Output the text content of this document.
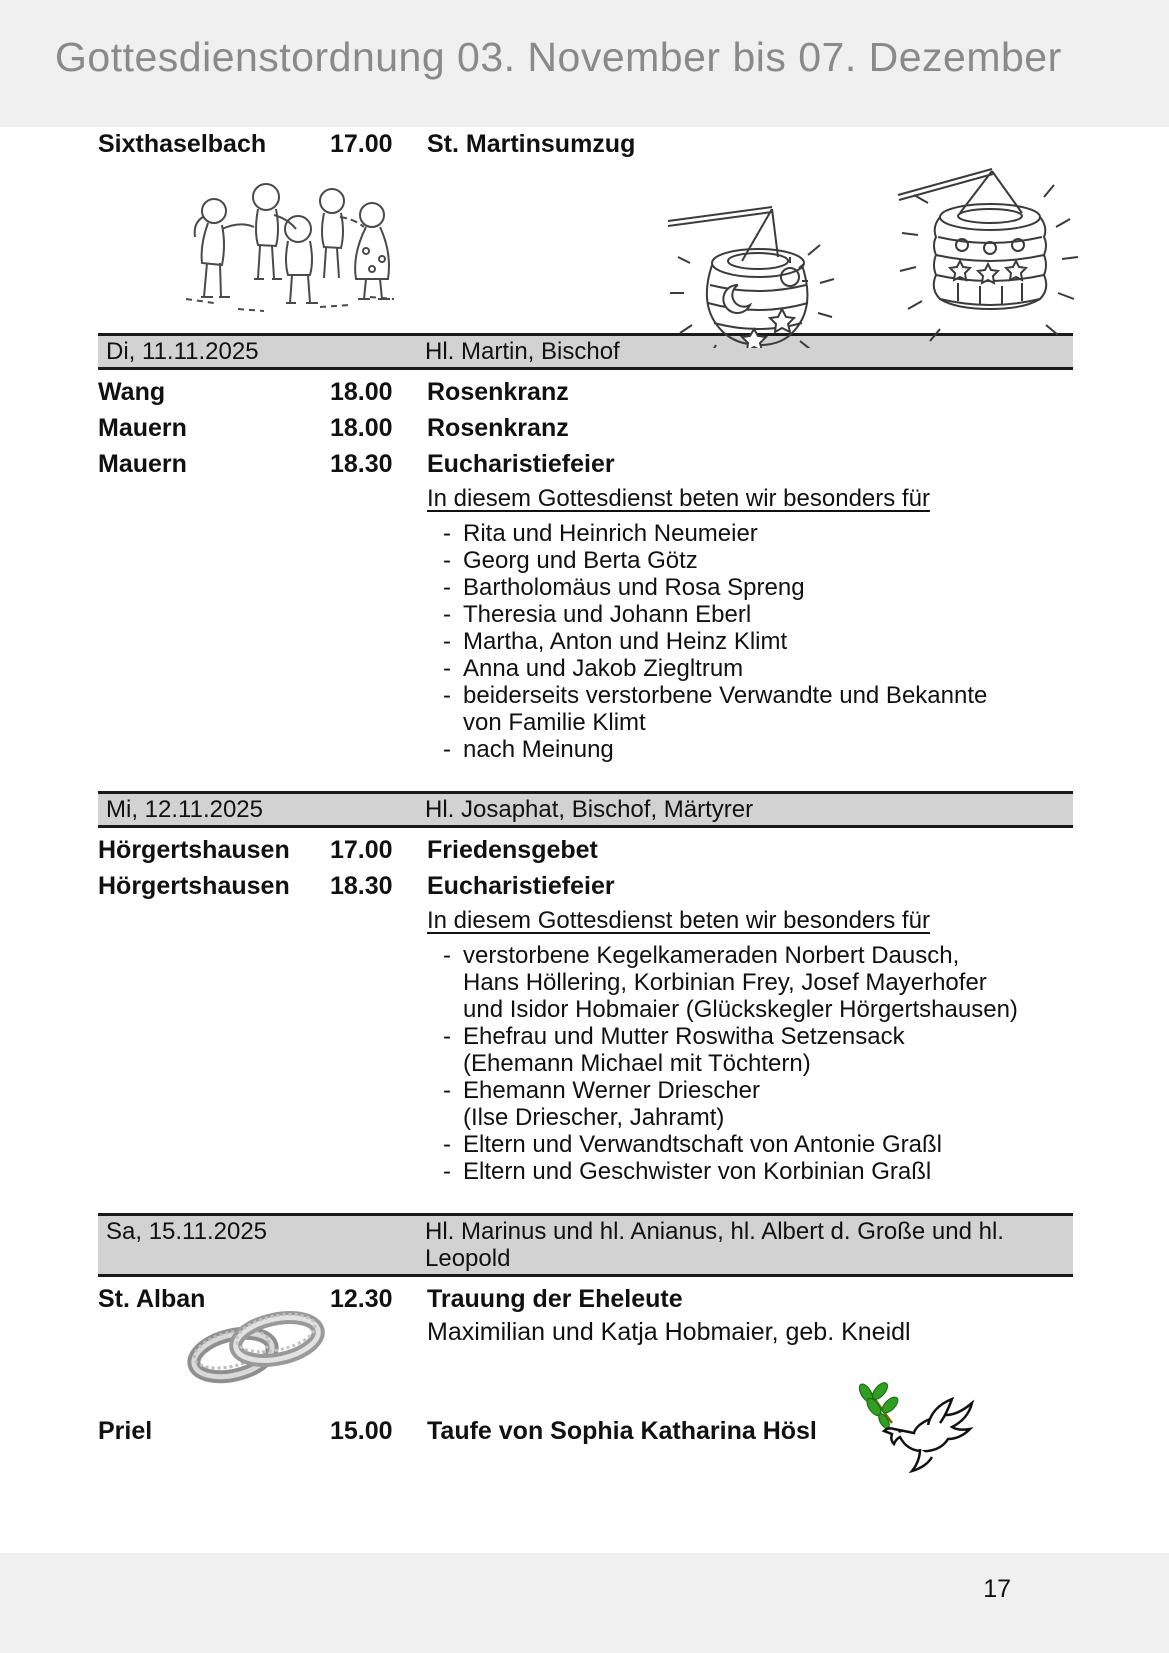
Gottesdienstordnung 03. November bis 07. Dezember
Sixthaselbach	17.00	St. Martinsumzug
Di, 11.11.2025	Hl. Martin, Bischof
Wang	18.00	Rosenkranz
Mauern	18.00	Rosenkranz
Mauern	18.30	Eucharistiefeier
In diesem Gottesdienst beten wir besonders für
- Rita und Heinrich Neumeier
- Georg und Berta Götz
- Bartholomäus und Rosa Spreng
- Theresia und Johann Eberl
- Martha, Anton und Heinz Klimt
- Anna und Jakob Ziegltrum
- beiderseits verstorbene Verwandte und Bekannte
von Familie Klimt
- nach Meinung
Mi, 12.11.2025	Hl. Josaphat, Bischof, Märtyrer
Hörgertshausen	17.00	Friedensgebet
Hörgertshausen	18.30	Eucharistiefeier
In diesem Gottesdienst beten wir besonders für
- verstorbene Kegelkameraden Norbert Dausch,
Hans Höllering, Korbinian Frey, Josef Mayerhofer
und Isidor Hobmaier (Glückskegler Hörgertshausen)
- Ehefrau und Mutter Roswitha Setzensack
(Ehemann Michael mit Töchtern)
- Ehemann Werner Driescher
(Ilse Driescher, Jahramt)
- Eltern und Verwandtschaft von Antonie Graßl
- Eltern und Geschwister von Korbinian Graßl
Sa, 15.11.2025	Hl. Marinus und hl. Anianus, hl. Albert d. Große und hl.
Leopold
St. Alban	12.30	Trauung der Eheleute
Maximilian und Katja Hobmaier, geb. Kneidl
Priel	15.00	Taufe von Sophia Katharina Hösl
17
